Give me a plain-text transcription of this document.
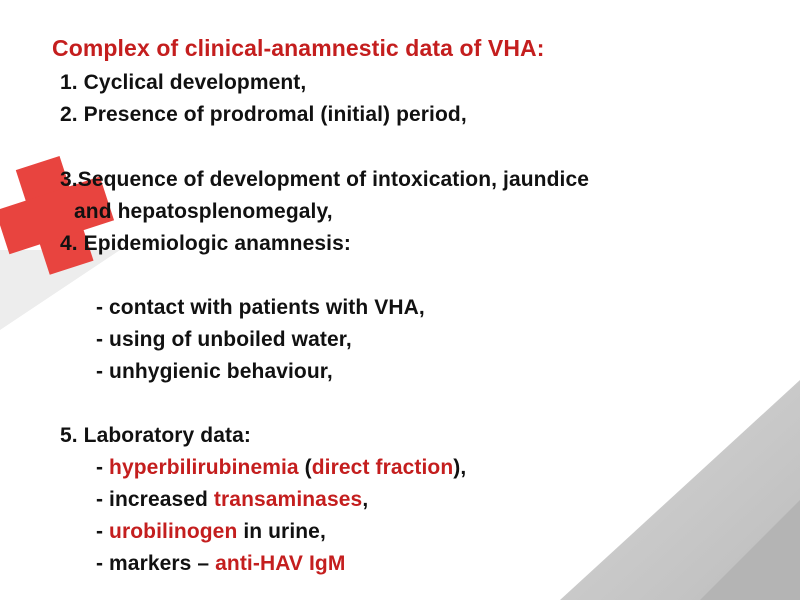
Complex of clinical-anamnestic data of VHA:
1. Cyclical development,
2. Presence of prodromal (initial) period,
3.Sequence of development of intoxication, jaundice
and hepatosplenomegaly,
4. Epidemiologic anamnesis:
- contact with patients with VHA,
- using of unboiled water,
- unhygienic behaviour,
5. Laboratory data:
- hyperbilirubinemia (direct fraction),
- increased transaminases,
- urobilinogen in urine,
- markers – anti-HAV IgM
